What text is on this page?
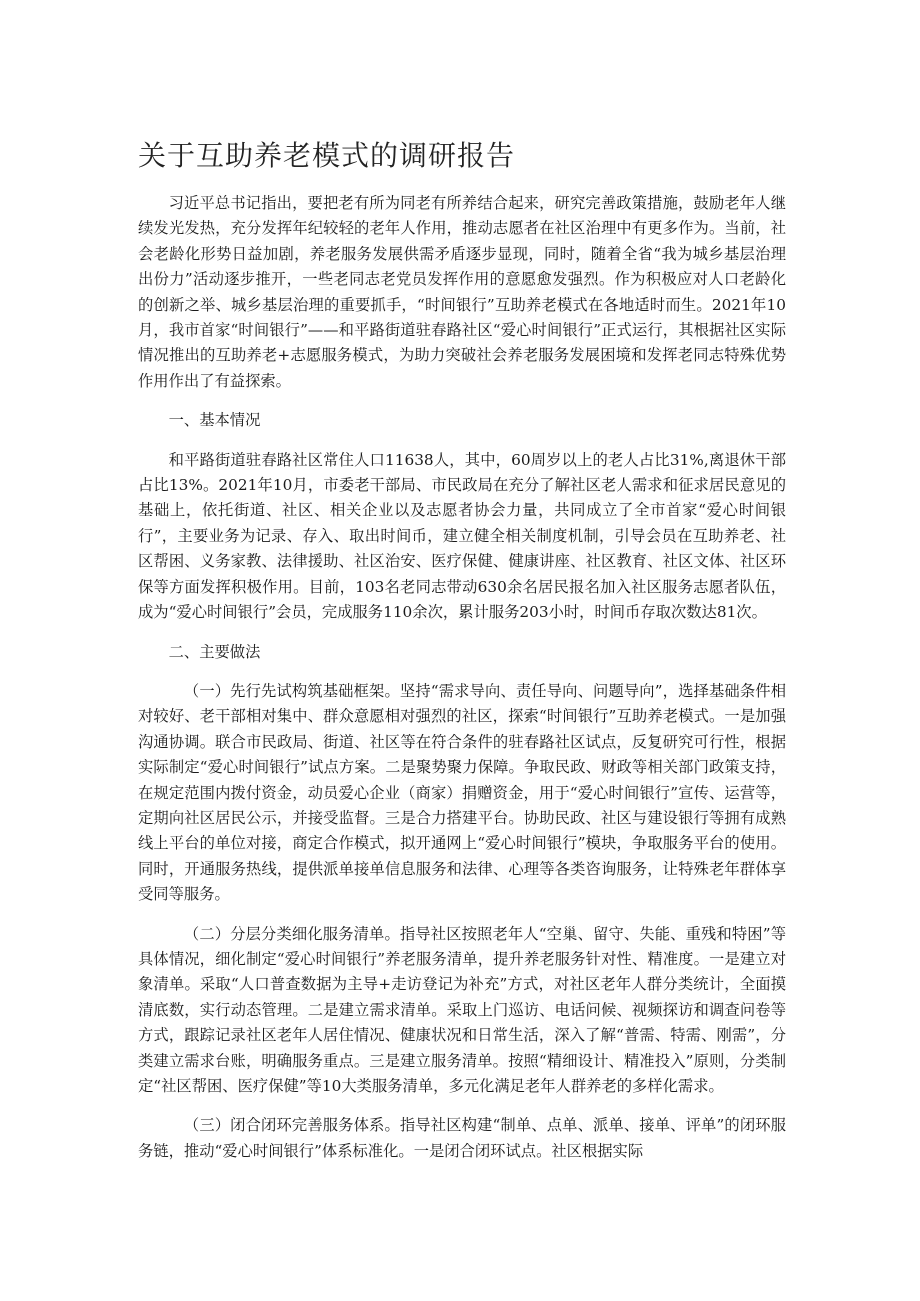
关于互助养老模式的调研报告

习近平总书记指出，要把老有所为同老有所养结合起来，研究完善政策措施，鼓励老年人继续发光发热，充分发挥年纪较轻的老年人作用，推动志愿者在社区治理中有更多作为。当前，社会老龄化形势日益加剧，养老服务发展供需矛盾逐步显现，同时，随着全省“我为城乡基层治理出份力”活动逐步推开，一些老同志老党员发挥作用的意愿愈发强烈。作为积极应对人口老龄化的创新之举、城乡基层治理的重要抓手，“时间银行”互助养老模式在各地适时而生。2021年10月，我市首家“时间银行”——和平路街道驻春路社区“爱心时间银行”正式运行，其根据社区实际情况推出的互助养老+志愿服务模式，为助力突破社会养老服务发展困境和发挥老同志特殊优势作用作出了有益探索。

一、基本情况

和平路街道驻春路社区常住人口11638人，其中，60周岁以上的老人占比31%,离退休干部占比13%。2021年10月，市委老干部局、市民政局在充分了解社区老人需求和征求居民意见的基础上，依托街道、社区、相关企业以及志愿者协会力量，共同成立了全市首家“爱心时间银行”，主要业务为记录、存入、取出时间币，建立健全相关制度机制，引导会员在互助养老、社区帮困、义务家教、法律援助、社区治安、医疗保健、健康讲座、社区教育、社区文体、社区环保等方面发挥积极作用。目前，103名老同志带动630余名居民报名加入社区服务志愿者队伍，成为“爱心时间银行”会员，完成服务110余次，累计服务203小时，时间币存取次数达81次。

二、主要做法

（一）先行先试构筑基础框架。坚持“需求导向、责任导向、问题导向”，选择基础条件相对较好、老干部相对集中、群众意愿相对强烈的社区，探索“时间银行”互助养老模式。一是加强沟通协调。联合市民政局、街道、社区等在符合条件的驻春路社区试点，反复研究可行性，根据实际制定“爱心时间银行”试点方案。二是聚势聚力保障。争取民政、财政等相关部门政策支持，在规定范围内拨付资金，动员爱心企业（商家）捐赠资金，用于“爱心时间银行”宣传、运营等，定期向社区居民公示，并接受监督。三是合力搭建平台。协助民政、社区与建设银行等拥有成熟线上平台的单位对接，商定合作模式，拟开通网上“爱心时间银行”模块，争取服务平台的使用。同时，开通服务热线，提供派单接单信息服务和法律、心理等各类咨询服务，让特殊老年群体享受同等服务。

（二）分层分类细化服务清单。指导社区按照老年人“空巢、留守、失能、重残和特困”等具体情况，细化制定“爱心时间银行”养老服务清单，提升养老服务针对性、精准度。一是建立对象清单。采取“人口普查数据为主导+走访登记为补充”方式，对社区老年人群分类统计，全面摸清底数，实行动态管理。二是建立需求清单。采取上门巡访、电话问候、视频探访和调查问卷等方式，跟踪记录社区老年人居住情况、健康状况和日常生活，深入了解“普需、特需、刚需”，分类建立需求台账，明确服务重点。三是建立服务清单。按照“精细设计、精准投入”原则，分类制定“社区帮困、医疗保健”等10大类服务清单，多元化满足老年人群养老的多样化需求。

（三）闭合闭环完善服务体系。指导社区构建“制单、点单、派单、接单、评单”的闭环服务链，推动“爱心时间银行”体系标准化。一是闭合闭环试点。社区根据实际
